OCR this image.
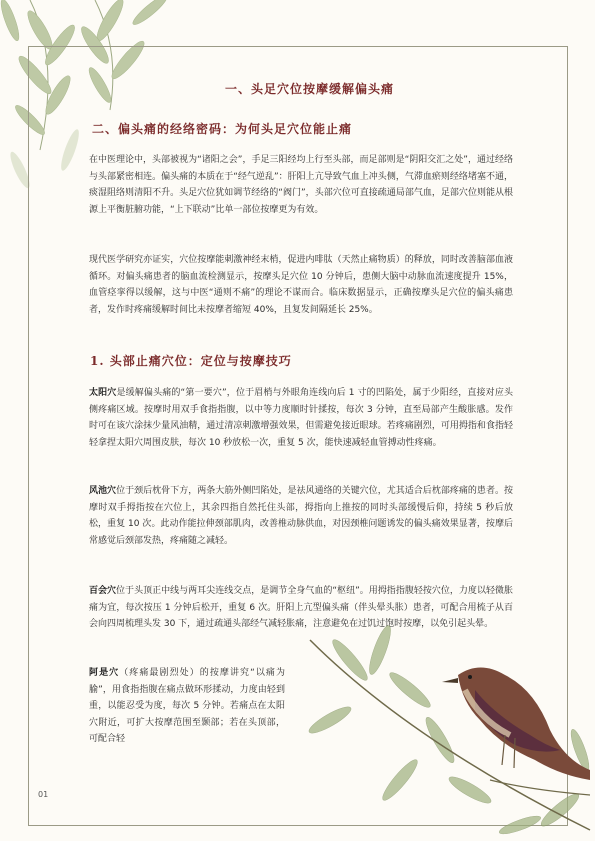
一、头足穴位按摩缓解偏头痛
二、偏头痛的经络密码：为何头足穴位能止痛
在中医理论中，头部被视为“诸阳之会”，手足三阳经均上行至头部，而足部则是“阴阳交汇之处”，通过经络与头部紧密相连。偏头痛的本质在于“经气逆乱”：肝阳上亢导致气血上冲头侧，气滞血瘀则经络堵塞不通，痰湿阻络则清阳不升。头足穴位犹如调节经络的“阀门”，头部穴位可直接疏通局部气血，足部穴位则能从根源上平衡脏腑功能，“上下联动”比单一部位按摩更为有效。
现代医学研究亦证实，穴位按摩能刺激神经末梢，促进内啡肽（天然止痛物质）的释放，同时改善脑部血液循环。对偏头痛患者的脑血流检测显示，按摩头足穴位 10 分钟后，患侧大脑中动脉血流速度提升 15%，血管痉挛得以缓解，这与中医“通则不痛”的理论不谋而合。临床数据显示，正确按摩头足穴位的偏头痛患者，发作时疼痛缓解时间比未按摩者缩短 40%，且复发间隔延长 25%。
1. 头部止痛穴位：定位与按摩技巧
太阳穴是缓解偏头痛的“第一要穴”，位于眉梢与外眼角连线向后 1 寸的凹陷处，属于少阳经，直接对应头侧疼痛区域。按摩时用双手食指指腹，以中等力度顺时针揉按，每次 3 分钟，直至局部产生酸胀感。发作时可在该穴涂抹少量风油精，通过清凉刺激增强效果，但需避免接近眼球。若疼痛剧烈，可用拇指和食指轻轻拿捏太阳穴周围皮肤，每次 10 秒放松一次，重复 5 次，能快速减轻血管搏动性疼痛。
风池穴位于颈后枕骨下方，两条大筋外侧凹陷处，是祛风通络的关键穴位，尤其适合后枕部疼痛的患者。按摩时双手拇指按在穴位上，其余四指自然托住头部，拇指向上推按的同时头部缓慢后仰，持续 5 秒后放松，重复 10 次。此动作能拉伸颈部肌肉，改善椎动脉供血，对因颈椎问题诱发的偏头痛效果显著，按摩后常感觉后颈部发热，疼痛随之减轻。
百会穴位于头顶正中线与两耳尖连线交点，是调节全身气血的“枢纽”。用拇指指腹轻按穴位，力度以轻微胀痛为宜，每次按压 1 分钟后松开，重复 6 次。肝阳上亢型偏头痛（伴头晕头胀）患者，可配合用梳子从百会向四周梳理头发 30 下，通过疏通头部经气减轻胀痛，注意避免在过饥过饱时按摩，以免引起头晕。
阿是穴（疼痛最剧烈处）的按摩讲究“以痛为腧”，用食指指腹在痛点做环形揉动，力度由轻到重，以能忍受为度，每次 5 分钟。若痛点在太阳穴附近，可扩大按摩范围至颞部；若在头顶部，可配合轻
01
